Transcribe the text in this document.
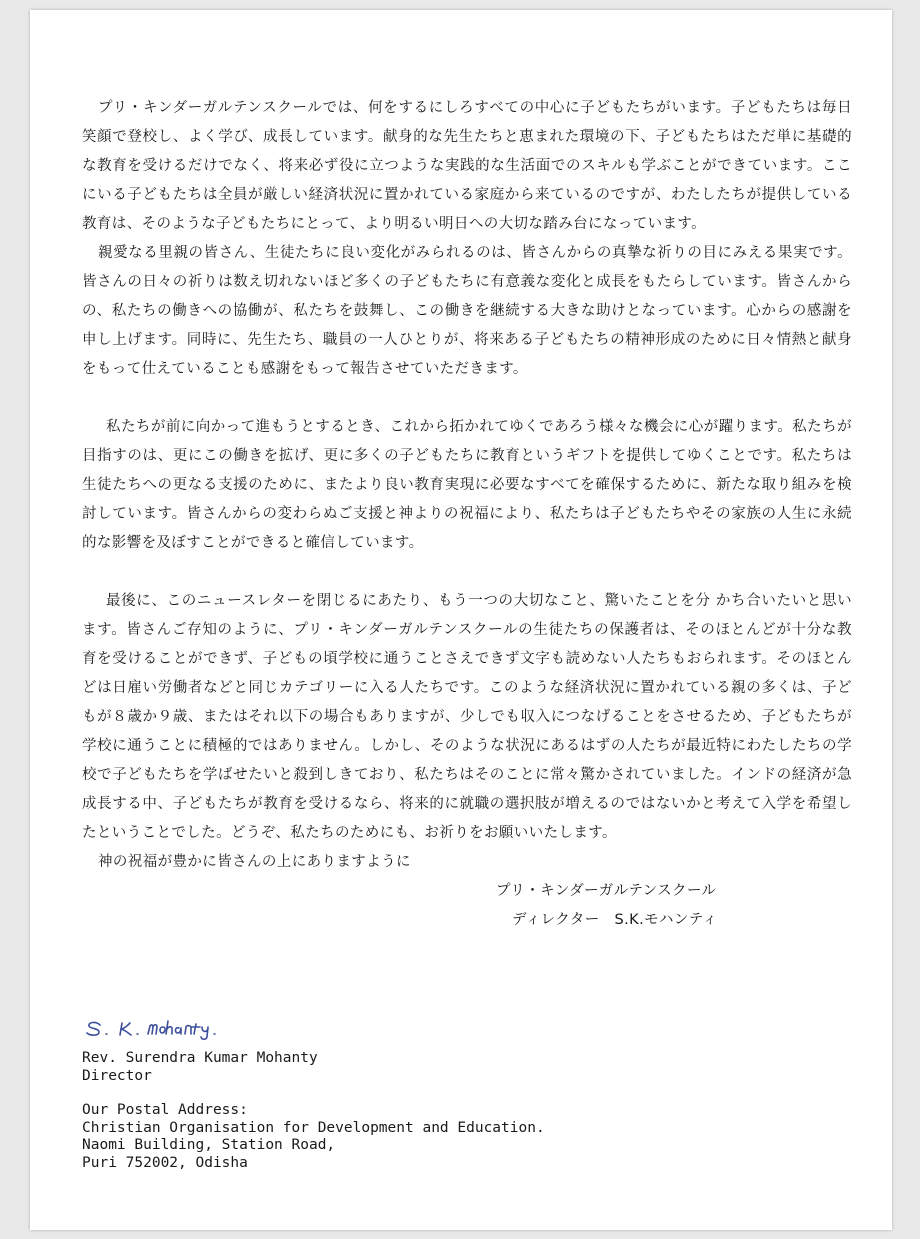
プリ・キンダーガルテンスクールでは、何をするにしろすべての中心に子どもたちがいます。子どもたちは毎日笑顔で登校し、よく学び、成長しています。献身的な先生たちと恵まれた環境の下、子どもたちはただ単に基礎的な教育を受けるだけでなく、将来必ず役に立つような実践的な生活面でのスキルも学ぶことができています。ここにいる子どもたちは全員が厳しい経済状況に置かれている家庭から来ているのですが、わたしたちが提供している教育は、そのような子どもたちにとって、より明るい明日への大切な踏み台になっています。

親愛なる里親の皆さん、生徒たちに良い変化がみられるのは、皆さんからの真摯な祈りの目にみえる果実です。皆さんの日々の祈りは数え切れないほど多くの子どもたちに有意義な変化と成長をもたらしています。皆さんからの、私たちの働きへの協働が、私たちを鼓舞し、この働きを継続する大きな助けとなっています。心からの感謝を申し上げます。同時に、先生たち、職員の一人ひとりが、将来ある子どもたちの精神形成のために日々情熱と献身をもって仕えていることも感謝をもって報告させていただきます。

私たちが前に向かって進もうとするとき、これから拓かれてゆくであろう様々な機会に心が躍ります。私たちが目指すのは、更にこの働きを拡げ、更に多くの子どもたちに教育というギフトを提供してゆくことです。私たちは生徒たちへの更なる支援のために、またより良い教育実現に必要なすべてを確保するために、新たな取り組みを検討しています。皆さんからの変わらぬご支援と神よりの祝福により、私たちは子どもたちやその家族の人生に永続的な影響を及ぼすことができると確信しています。

最後に、このニュースレターを閉じるにあたり、もう一つの大切なこと、驚いたことを分 かち合いたいと思います。皆さんご存知のように、プリ・キンダーガルテンスクールの生徒たちの保護者は、そのほとんどが十分な教育を受けることができず、子どもの頃学校に通うことさえできず文字も読めない人たちもおられます。そのほとんどは日雇い労働者などと同じカテゴリーに入る人たちです。このような経済状況に置かれている親の多くは、子どもが８歳か９歳、またはそれ以下の場合もありますが、少しでも収入につなげることをさせるため、子どもたちが学校に通うことに積極的ではありません。しかし、そのような状況にあるはずの人たちが最近特にわたしたちの学校で子どもたちを学ばせたいと殺到しきており、私たちはそのことに常々驚かされていました。インドの経済が急成長する中、子どもたちが教育を受けるなら、将来的に就職の選択肢が増えるのではないかと考えて入学を希望したということでした。どうぞ、私たちのためにも、お祈りをお願いいたします。

神の祝福が豊かに皆さんの上にありますように

プリ・キンダーガルテンスクール

ディレクター　S.K.モハンティ

Rev. Surendra Kumar Mohanty
Director
Our Postal Address:
Christian Organisation for Development and Education.
Naomi Building, Station Road,
Puri 752002, Odisha
